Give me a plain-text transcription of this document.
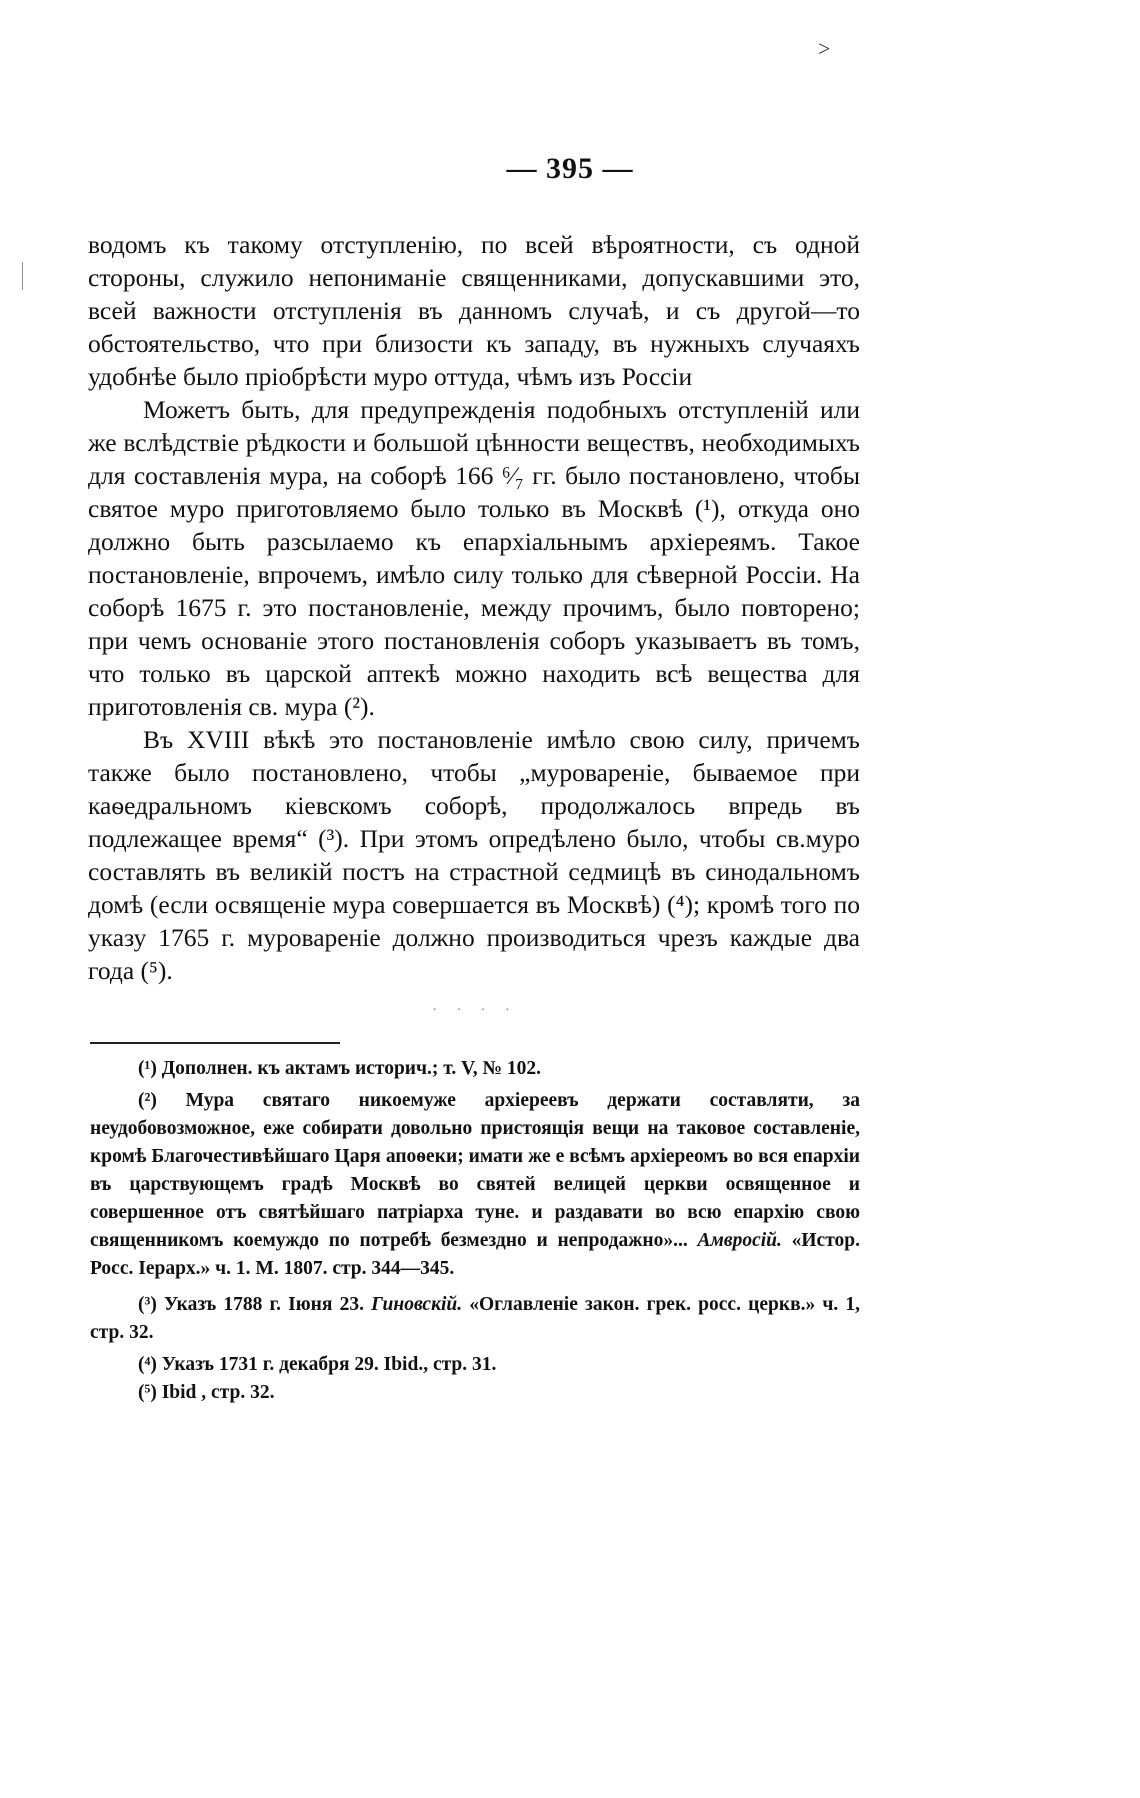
>
— 395 —

водомъ къ такому отступленію, по всей вѣроятности, съ одной стороны, служило непониманіе священниками, допускавшими это, всей важности отступленія въ данномъ случаѣ, и съ другой—то обстоятельство, что при близости къ западу, въ нужныхъ случаяхъ удобнѣе было пріобрѣсти муро оттуда, чѣмъ изъ Россіи

Можетъ быть, для предупрежденія подобныхъ отступленій или же вслѣдствіе рѣдкости и большой цѣнности веществъ, необходимыхъ для составленія мура, на соборѣ 166 ⁶⁄₇ гг. было постановлено, чтобы святое муро приготовляемо было только въ Москвѣ (¹), откуда оно должно быть разсылаемо къ епархіальнымъ архіереямъ. Такое постановленіе, впрочемъ, имѣло силу только для сѣверной Россіи. На соборѣ 1675 г. это постановленіе, между прочимъ, было повторено; при чемъ основаніе этого постановленія соборъ указываетъ въ томъ, что только въ царской аптекѣ можно находить всѣ вещества для приготовленія св. мура (²).

Въ XVIII вѣкѣ это постановленіе имѣло свою силу, причемъ также было постановлено, чтобы „муровареніе, бываемое при каѳедральномъ кіевскомъ соборѣ, продолжалось впредь въ подлежащее время“ (³). При этомъ опредѣлено было, чтобы св.муро составлять въ великій постъ на страстной седмицѣ въ синодальномъ домѣ (если освященіе мура совершается въ Москвѣ) (⁴); кромѣ того по указу 1765 г. муровареніе должно производиться чрезъ каждые два года (⁵).

· · · ·

(¹) Дополнен. къ актамъ историч.; т. V, № 102.

(²) Мура святаго никоемуже архіереевъ держати составляти, за неудобовозможное, еже собирати довольно пристоящія вещи на таковое составленіе, кромѣ Благочестивѣйшаго Царя апоѳеки; имати же е всѣмъ архіереомъ во вся епархіи въ царствующемъ градѣ Москвѣ во святей велицей церкви освященное и совершенное отъ святѣйшаго патріарха туне. и раздавати во всю епархію свою священникомъ коемуждо по потребѣ безмездно и непродажно»... Амвросій. «Истор. Росс. Іерарх.» ч. 1. М. 1807. стр. 344—345.

(³) Указъ 1788 г. Іюня 23. Гиновскій. «Оглавленіе закон. грек. росс. церкв.» ч. 1, стр. 32.

(⁴) Указъ 1731 г. декабря 29. Ibid., стр. 31.

(⁵) Ibid , стр. 32.
